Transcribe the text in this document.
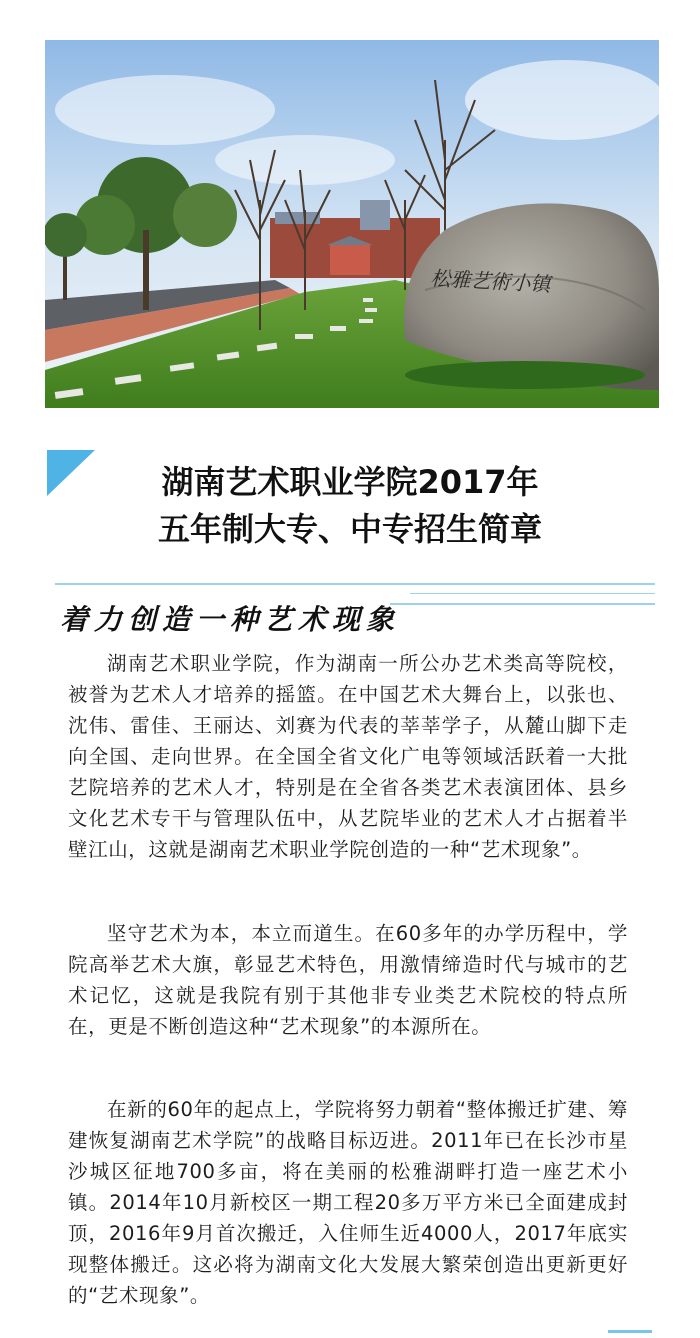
松雅艺術小镇
湖南艺术职业学院2017年
五年制大专、中专招生简章
着力创造一种艺术现象

湖南艺术职业学院，作为湖南一所公办艺术类高等院校，被誉为艺术人才培养的摇篮。在中国艺术大舞台上，以张也、沈伟、雷佳、王丽达、刘赛为代表的莘莘学子，从麓山脚下走向全国、走向世界。在全国全省文化广电等领域活跃着一大批艺院培养的艺术人才，特别是在全省各类艺术表演团体、县乡文化艺术专干与管理队伍中，从艺院毕业的艺术人才占据着半壁江山，这就是湖南艺术职业学院创造的一种“艺术现象”。

坚守艺术为本，本立而道生。在60多年的办学历程中，学院高举艺术大旗，彰显艺术特色，用激情缔造时代与城市的艺术记忆，这就是我院有别于其他非专业类艺术院校的特点所在，更是不断创造这种“艺术现象”的本源所在。

在新的60年的起点上，学院将努力朝着“整体搬迁扩建、筹建恢复湖南艺术学院”的战略目标迈进。2011年已在长沙市星沙城区征地700多亩，将在美丽的松雅湖畔打造一座艺术小镇。2014年10月新校区一期工程20多万平方米已全面建成封顶，2016年9月首次搬迁，入住师生近4000人，2017年底实现整体搬迁。这必将为湖南文化大发展大繁荣创造出更新更好的“艺术现象”。
